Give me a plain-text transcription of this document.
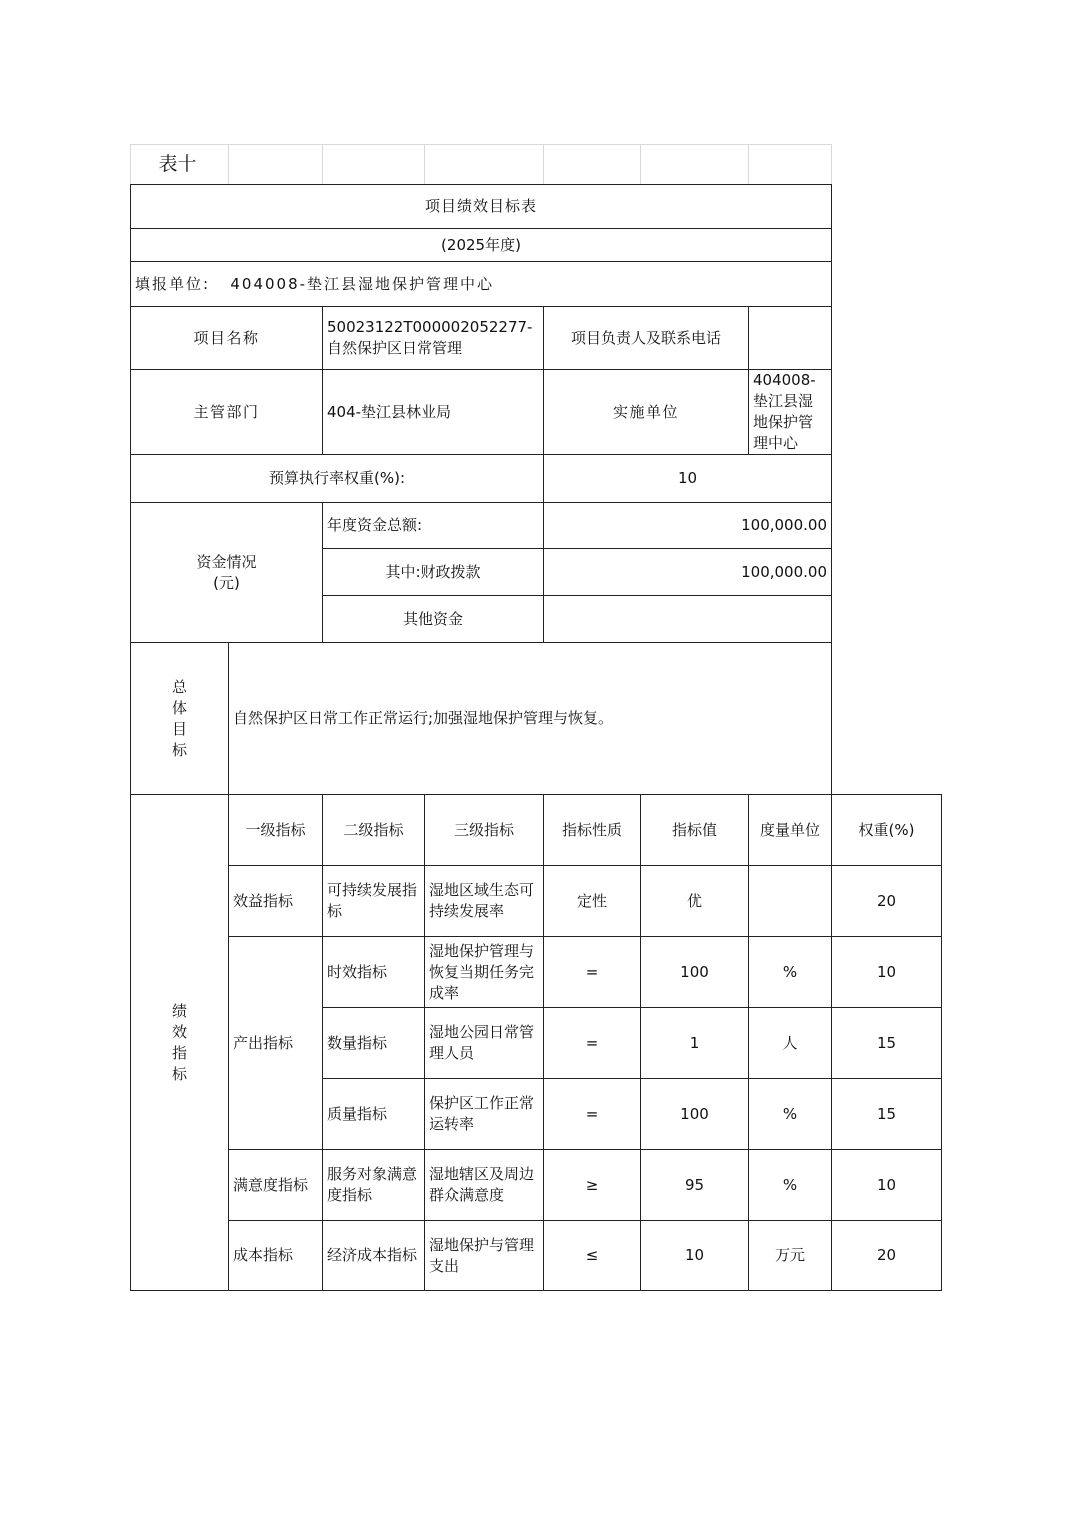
表十							
项目绩效目标表							
(2025年度)							
填报单位: 404008-垫江县湿地保护管理中心							
项目名称		50023122T000002052277-自然保护区日常管理		项目负责人及联系电话			
主管部门		404-垫江县林业局		实施单位		404008-垫江县湿地保护管理中心	
预算执行率权重(%):				10			
资金情况
(元)		年度资金总额:		100,000.00			
		其中:财政拨款		100,000.00			
		其他资金					

总
体
目
标	自然保护区日常工作正常运行;加强湿地保护管理与恢复。						

绩
效
指
标	一级指标	二级指标	三级指标	指标性质	指标值	度量单位	权重(%)
	效益指标	可持续发展指标	湿地区域生态可持续发展率	定性	优		20
	产出指标	时效指标	湿地保护管理与恢复当期任务完成率	=	100	%	10
		数量指标	湿地公园日常管理人员	=	1	人	15
		质量指标	保护区工作正常运转率	=	100	%	15
	满意度指标	服务对象满意度指标	湿地辖区及周边群众满意度	≥	95	%	10
	成本指标	经济成本指标	湿地保护与管理支出	≤	10	万元	20
